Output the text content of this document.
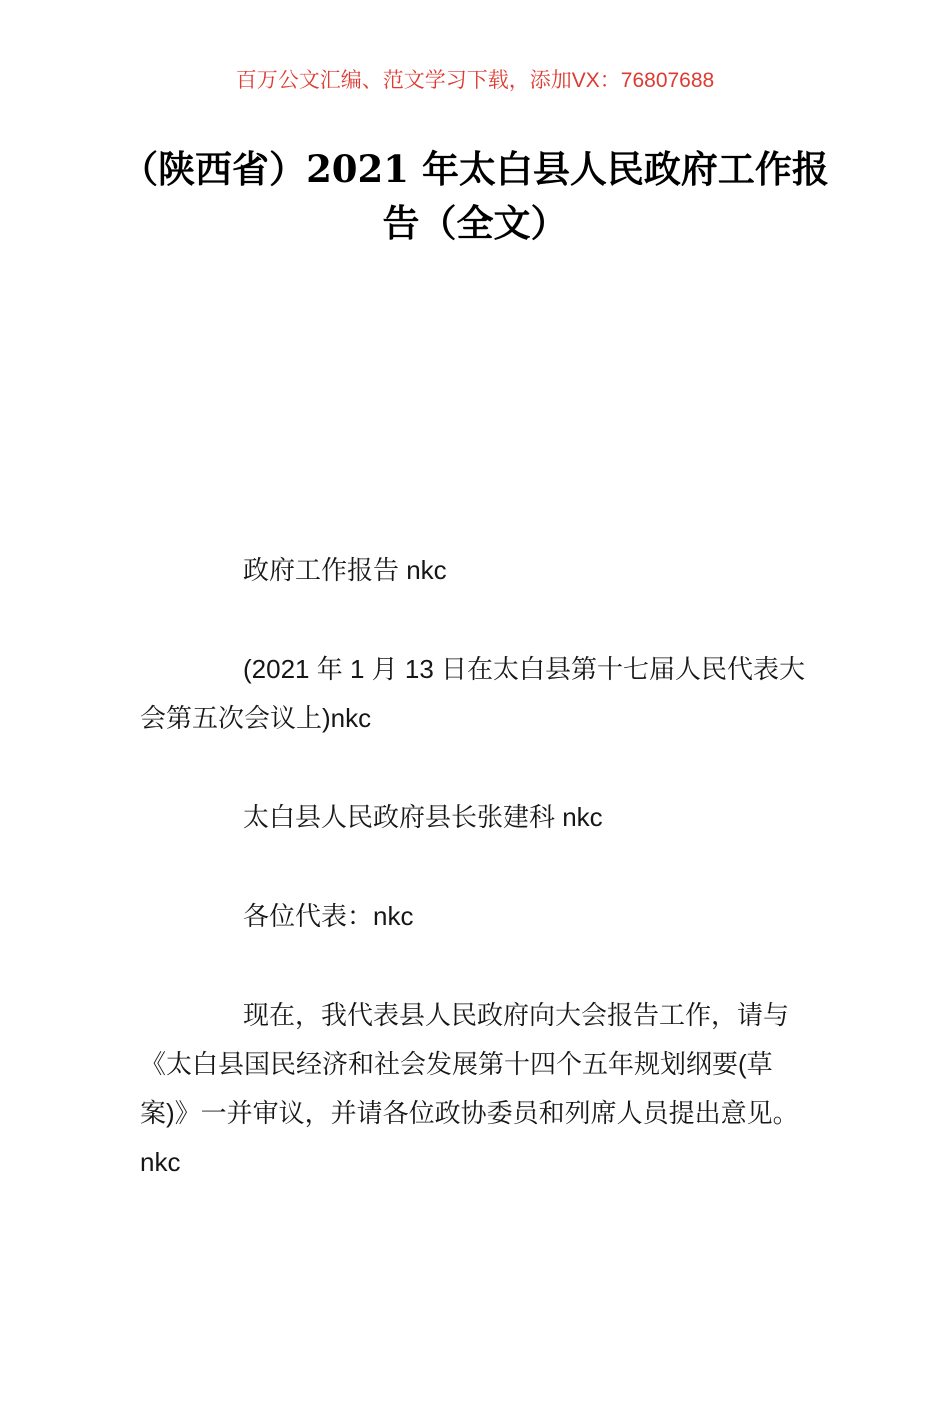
百万公文汇编、范文学习下载，添加VX：76807688
（陕西省）2021 年太白县人民政府工作报
告（全文）

政府工作报告 nkc

(2021 年 1 月 13 日在太白县第十七届人民代表大
会第五次会议上)nkc

太白县人民政府县长张建科 nkc

各位代表：nkc

现在，我代表县人民政府向大会报告工作，请与
《太白县国民经济和社会发展第十四个五年规划纲要(草
案)》一并审议，并请各位政协委员和列席人员提出意见。
nkc
